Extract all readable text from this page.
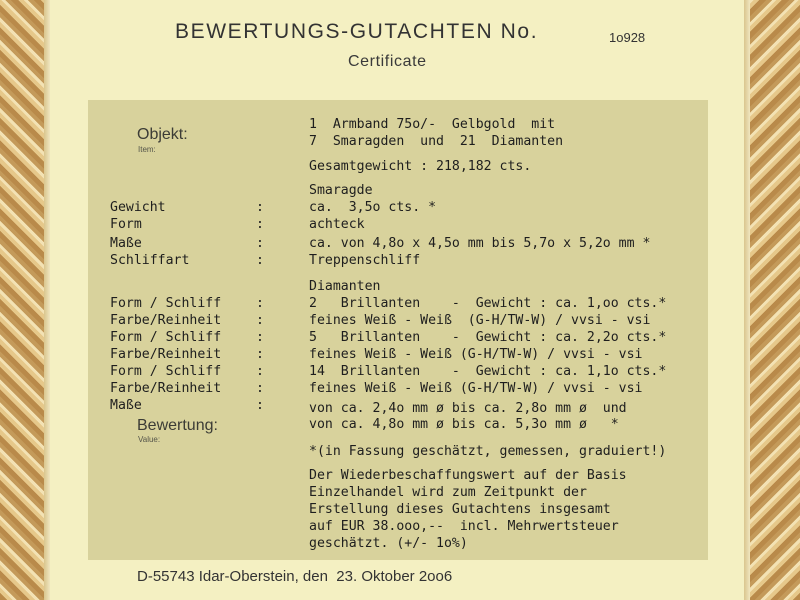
BEWERTUNGS-GUTACHTEN No.	1o928
Certificate
Objekt:
Item:
1  Armband 75o/-  Gelbgold  mit
7  Smaragden  und  21  Diamanten
Gesamtgewicht : 218,182 cts.
Smaragde
Gewicht	:	ca.  3,5o cts. *
Form	:	achteck
Maße	:	ca. von 4,8o x 4,5o mm bis 5,7o x 5,2o mm *
Schliffart	:	Treppenschliff
Diamanten
Form / Schliff	:	2   Brillanten    -  Gewicht : ca. 1,oo cts.*
Farbe/Reinheit	:	feines Weiß - Weiß  (G-H/TW-W) / vvsi - vsi
Form / Schliff	:	5   Brillanten    -  Gewicht : ca. 2,2o cts.*
Farbe/Reinheit	:	feines Weiß - Weiß (G-H/TW-W) / vvsi - vsi
Form / Schliff	:	14  Brillanten    -  Gewicht : ca. 1,1o cts.*
Farbe/Reinheit	:	feines Weiß - Weiß (G-H/TW-W) / vvsi - vsi
Maße	:	von ca. 2,4o mm ø bis ca. 2,8o mm ø  und
von ca. 4,8o mm ø bis ca. 5,3o mm ø   *
Bewertung:
Value:
*(in Fassung geschätzt, gemessen, graduiert!)
Der Wiederbeschaffungswert auf der Basis
Einzelhandel wird zum Zeitpunkt der
Erstellung dieses Gutachtens insgesamt
auf EUR 38.ooo,--  incl. Mehrwertsteuer
geschätzt. (+/- 1o%)
D-55743 Idar-Oberstein, den 23. Oktober 2oo6
